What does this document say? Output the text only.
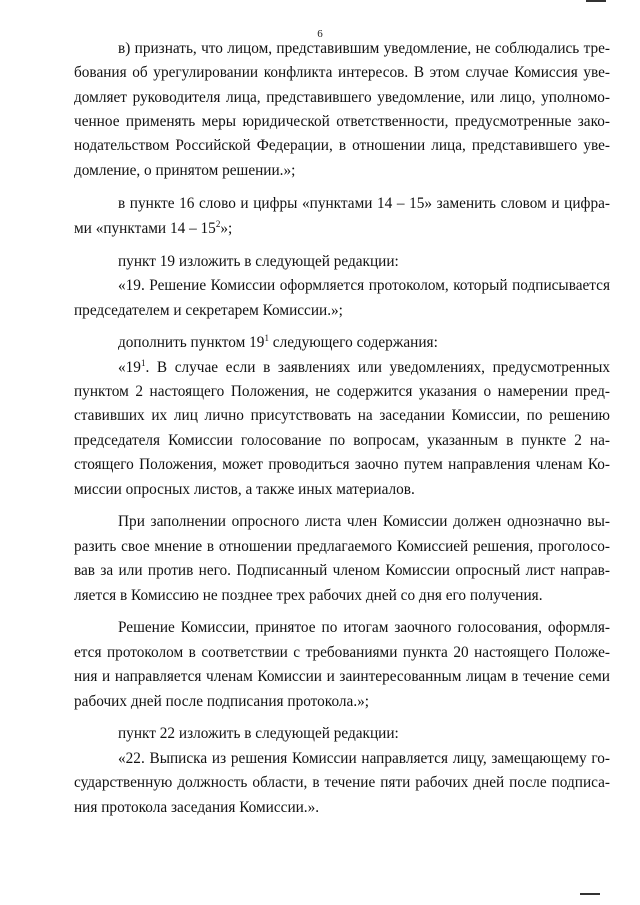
6
в) признать, что лицом, представившим уведомление, не соблюдались тре-
бования об урегулировании конфликта интересов. В этом случае Комиссия уве-
домляет руководителя лица, представившего уведомление, или лицо, уполномо-
ченное применять меры юридической ответственности, предусмотренные зако-
нодательством Российской Федерации, в отношении лица, представившего уве-
домление, о принятом решении.»;
в пункте 16 слово и цифры «пунктами 14 – 15» заменить словом и цифра-
ми «пунктами $14 - 15^2$»;
пункт 19 изложить в следующей редакции:
«19. Решение Комиссии оформляется протоколом, который подписывается
председателем и секретарем Комиссии.»;
дополнить пунктом $19^1$ следующего содержания:
«$19^1$. В случае если в заявлениях или уведомлениях, предусмотренных
пунктом 2 настоящего Положения, не содержится указания о намерении пред-
ставивших их лиц лично присутствовать на заседании Комиссии, по решению
председателя Комиссии голосование по вопросам, указанным в пункте 2 на-
стоящего Положения, может проводиться заочно путем направления членам Ко-
миссии опросных листов, а также иных материалов.
При заполнении опросного листа член Комиссии должен однозначно вы-
разить свое мнение в отношении предлагаемого Комиссией решения, проголосо-
вав за или против него. Подписанный членом Комиссии опросный лист направ-
ляется в Комиссию не позднее трех рабочих дней со дня его получения.
Решение Комиссии, принятое по итогам заочного голосования, оформля-
ется протоколом в соответствии с требованиями пункта 20 настоящего Положе-
ния и направляется членам Комиссии и заинтересованным лицам в течение семи
рабочих дней после подписания протокола.»;
пункт 22 изложить в следующей редакции:
«22. Выписка из решения Комиссии направляется лицу, замещающему го-
сударственную должность области, в течение пяти рабочих дней после подписа-
ния протокола заседания Комиссии.».
